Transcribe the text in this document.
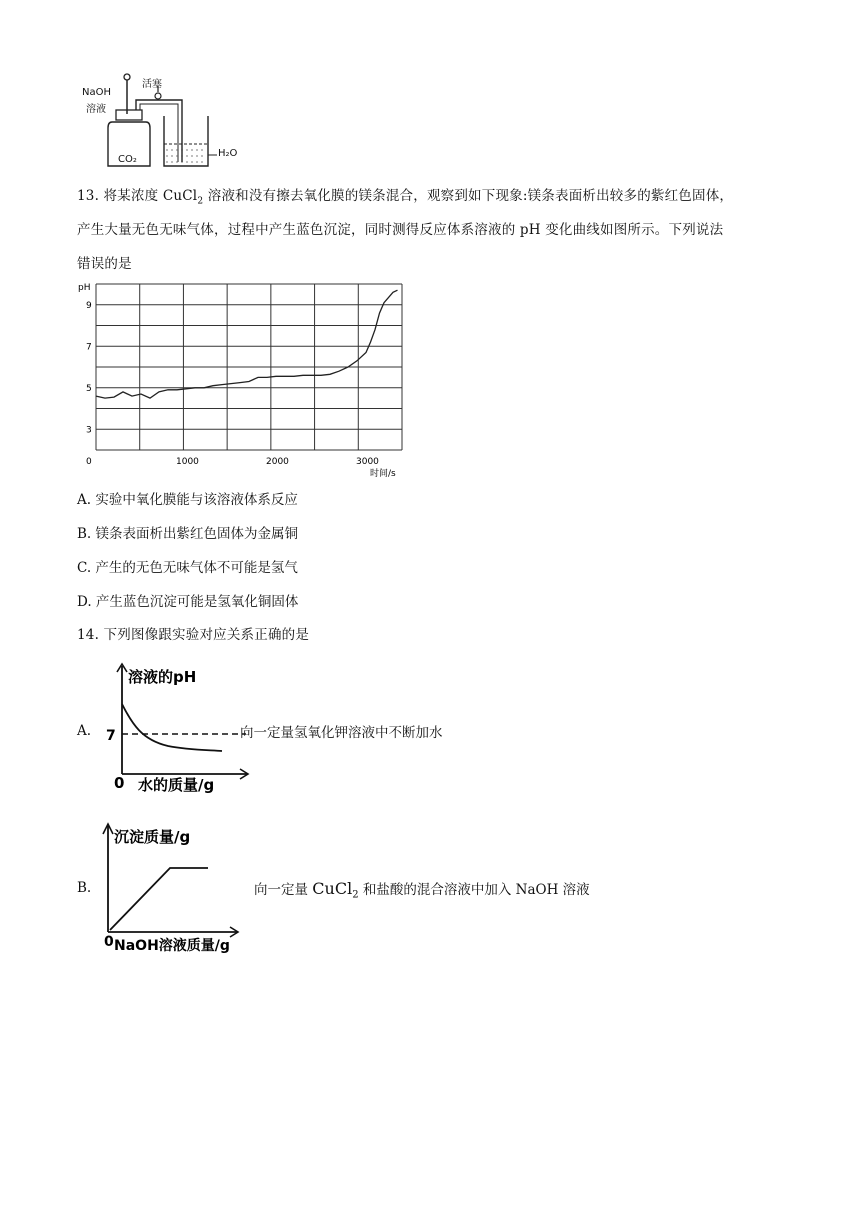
NaOH
溶液
活塞
CO₂
H₂O
13. 将某浓度 CuCl$_2$ 溶液和没有擦去氧化膜的镁条混合，观察到如下现象:镁条表面析出较多的紫红色固体，
产生大量无色无味气体，过程中产生蓝色沉淀，同时测得反应体系溶液的 pH 变化曲线如图所示。下列说法
错误的是
pH
时间/s
3
5
7
9
0	1000	2000	3000
A. 实验中氧化膜能与该溶液体系反应
B. 镁条表面析出紫红色固体为金属铜
C. 产生的无色无味气体不可能是氢气
D. 产生蓝色沉淀可能是氢氧化铜固体
14. 下列图像跟实验对应关系正确的是
A.
溶液的pH
7
0 水的质量/g
向一定量氢氧化钾溶液中不断加水
B.
沉淀质量/g
0 NaOH溶液质量/g
向一定量 CuCl$_2$ 和盐酸的混合溶液中加入 NaOH 溶液
